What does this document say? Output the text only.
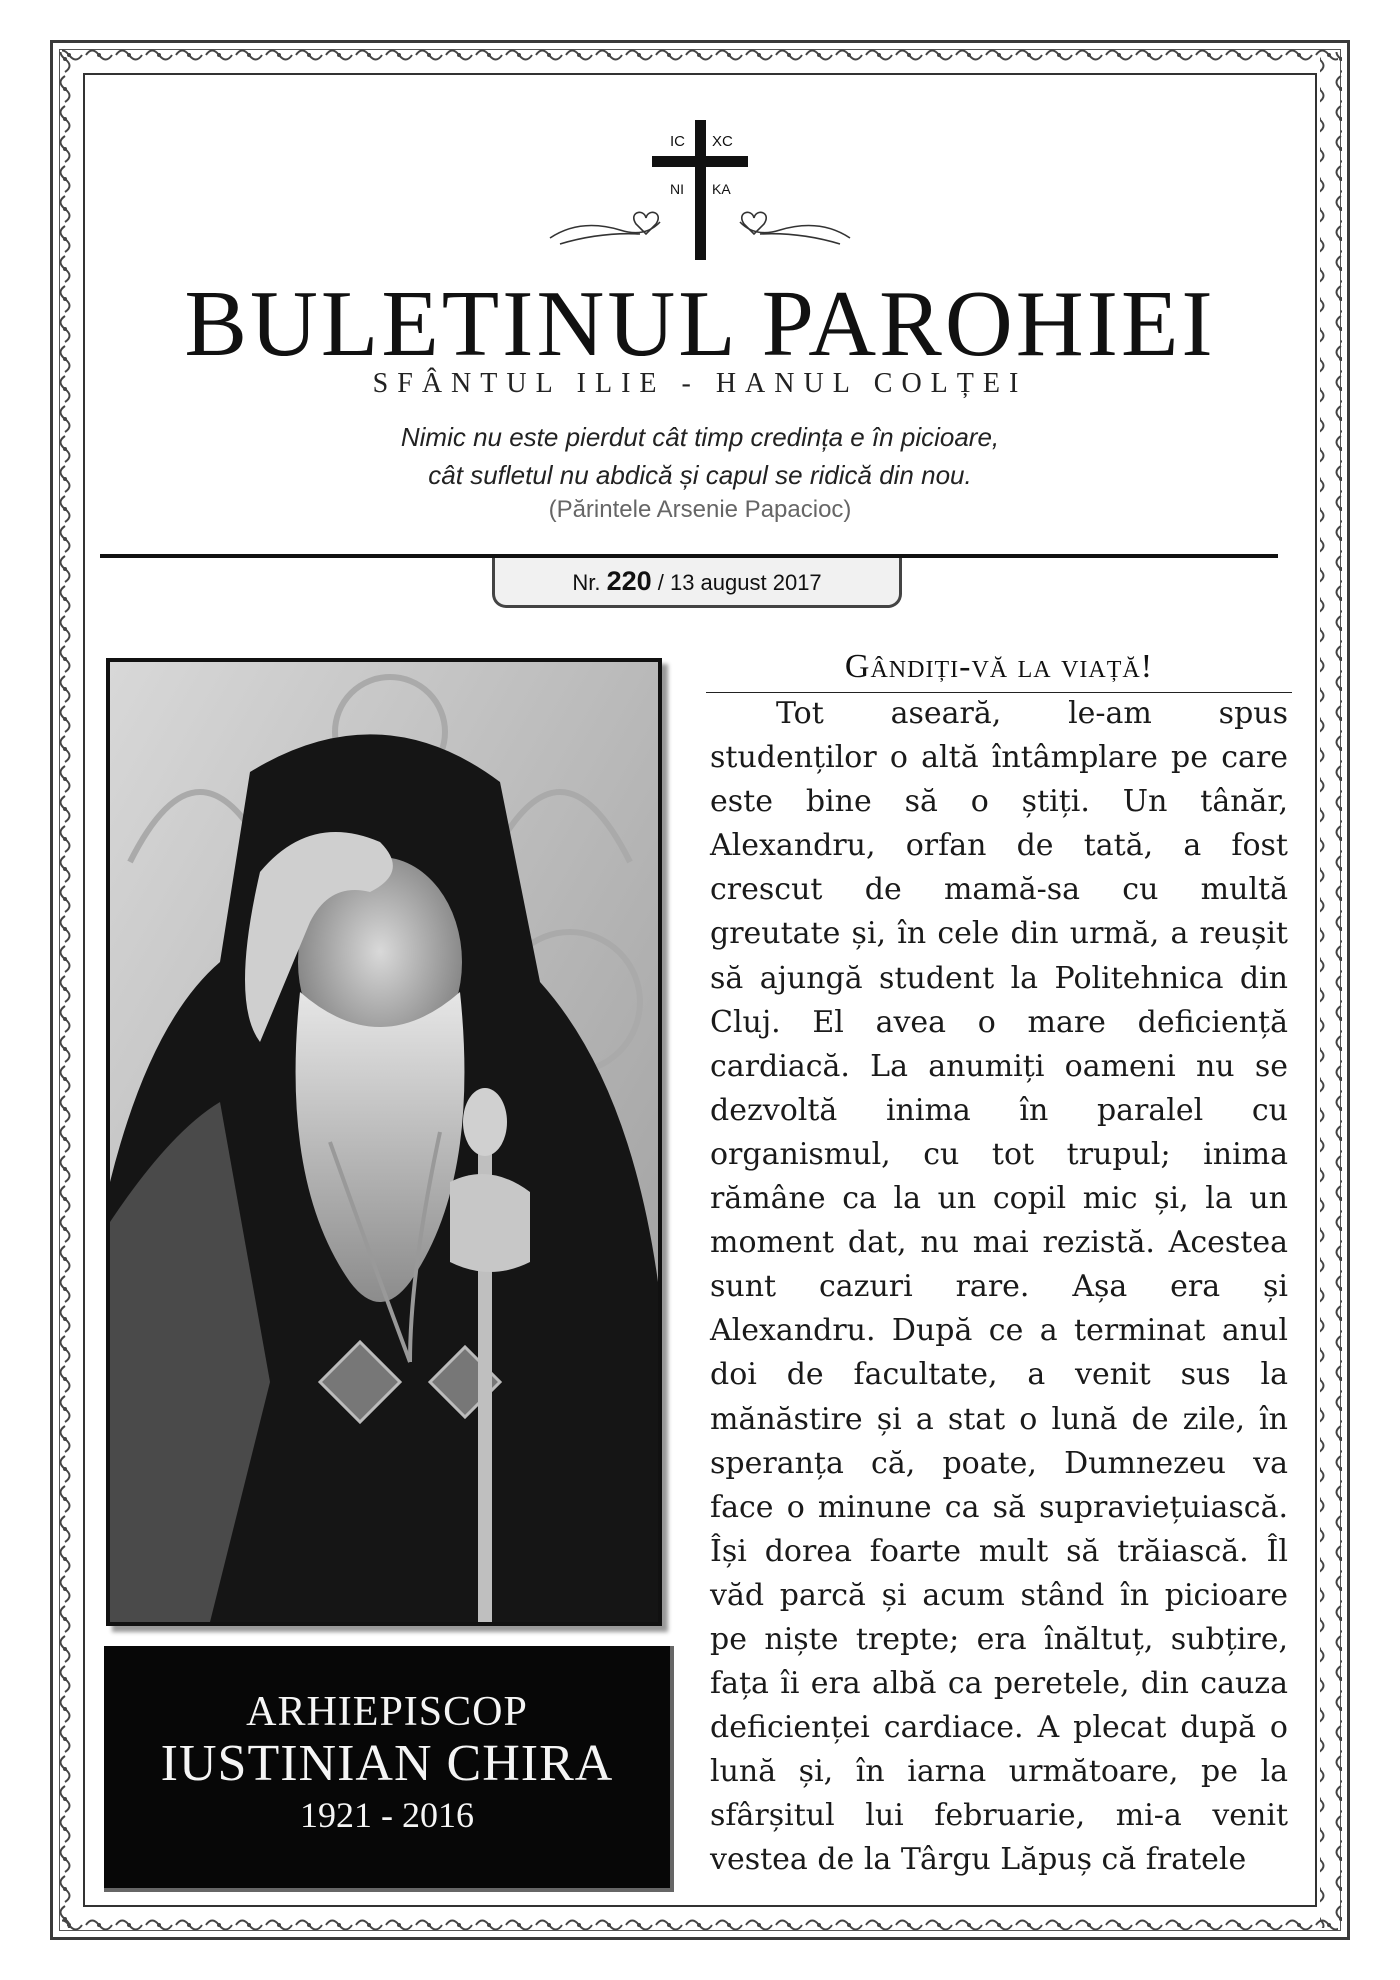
IC XC
NI KA
BULETINUL PAROHIEI
SFÂNTUL ILIE - HANUL COLȚEI
Nimic nu este pierdut cât timp credința e în picioare,
cât sufletul nu abdică și capul se ridică din nou.
(Părintele Arsenie Papacioc)
Nr. 220 / 13 august 2017
ARHIEPISCOP
IUSTINIAN CHIRA
1921 - 2016
Gândiți-vă la viață!

Tot aseară, le-am spus studenților o altă întâmplare pe care este bine să o știți. Un tânăr, Alexandru, orfan de tată, a fost crescut de mamă-sa cu multă greutate și, în cele din urmă, a reușit să ajungă student la Politehnica din Cluj. El avea o mare deficiență cardiacă. La anumiți oameni nu se dezvoltă inima în paralel cu organismul, cu tot trupul; inima rămâne ca la un copil mic și, la un moment dat, nu mai rezistă. Acestea sunt cazuri rare. Așa era și Alexandru. După ce a terminat anul doi de facultate, a venit sus la mănăstire și a stat o lună de zile, în speranța că, poate, Dumnezeu va face o minune ca să supraviețuiască. Își dorea foarte mult să trăiască. Îl văd parcă și acum stând în picioare pe niște trepte; era înăltuț, subțire, fața îi era albă ca peretele, din cauza deficienței cardiace. A plecat după o lună și, în iarna următoare, pe la sfârșitul lui februarie, mi-a venit vestea de la Târgu Lăpuș că fratele
